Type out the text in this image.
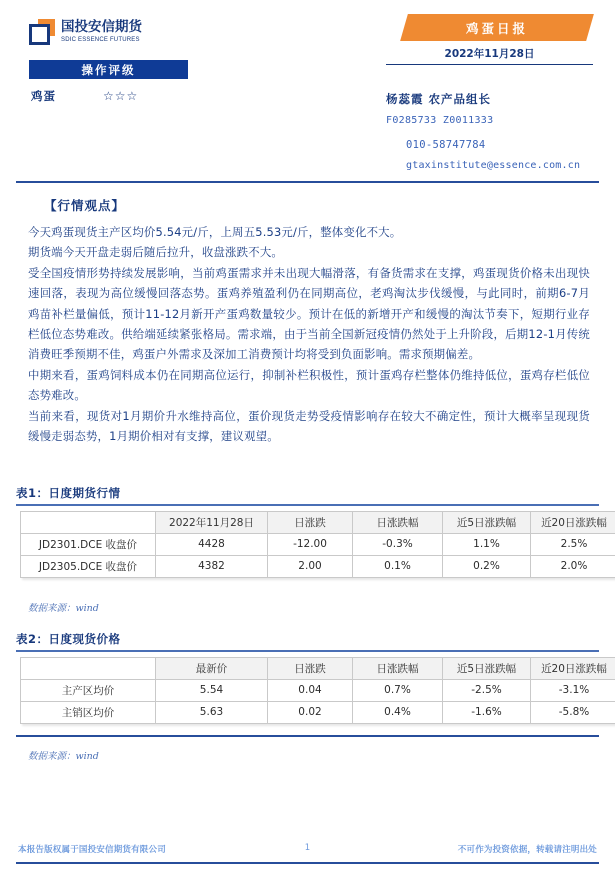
国投安信期货
SDIC ESSENCE FUTURES
操作评级
鸡蛋	☆☆☆
鸡蛋日报
2022年11月28日
杨蕊霞 农产品组长
F0285733 Z0011333
010-58747784
gtaxinstitute@essence.com.cn
【行情观点】

今天鸡蛋现货主产区均价5.54元/斤，上周五5.53元/斤，整体变化不大。

期货端今天开盘走弱后随后拉升，收盘涨跌不大。

受全国疫情形势持续发展影响，当前鸡蛋需求并未出现大幅滑落，有备货需求在支撑，鸡蛋现货价格未出现快速回落，表现为高位缓慢回落态势。蛋鸡养殖盈利仍在同期高位，老鸡淘汰步伐缓慢，与此同时，前期6-7月鸡苗补栏量偏低，预计11-12月新开产蛋鸡数量较少。预计在低的新增开产和缓慢的淘汰节奏下，短期行业存栏低位态势难改。供给端延续紧张格局。需求端，由于当前全国新冠疫情仍然处于上升阶段，后期12-1月传统消费旺季预期不佳，鸡蛋户外需求及深加工消费预计均将受到负面影响。需求预期偏差。

中期来看，蛋鸡饲料成本仍在同期高位运行，抑制补栏积极性，预计蛋鸡存栏整体仍维持低位，蛋鸡存栏低位态势难改。

当前来看，现货对1月期价升水维持高位，蛋价现货走势受疫情影响存在较大不确定性，预计大概率呈现现货缓慢走弱态势，1月期价相对有支撑，建议观望。

表1：日度期货行情
	2022年11月28日	日涨跌	日涨跌幅	近5日涨跌幅	近20日涨跌幅
JD2301.DCE 收盘价	4428	-12.00	-0.3%	1.1%	2.5%
JD2305.DCE 收盘价	4382	2.00	0.1%	0.2%	2.0%
数据来源：wind
表2：日度现货价格
	最新价	日涨跌	日涨跌幅	近5日涨跌幅	近20日涨跌幅
主产区均价	5.54	0.04	0.7%	-2.5%	-3.1%
主销区均价	5.63	0.02	0.4%	-1.6%	-5.8%
数据来源：wind
本报告版权属于国投安信期货有限公司	1	不可作为投资依据，转载请注明出处
